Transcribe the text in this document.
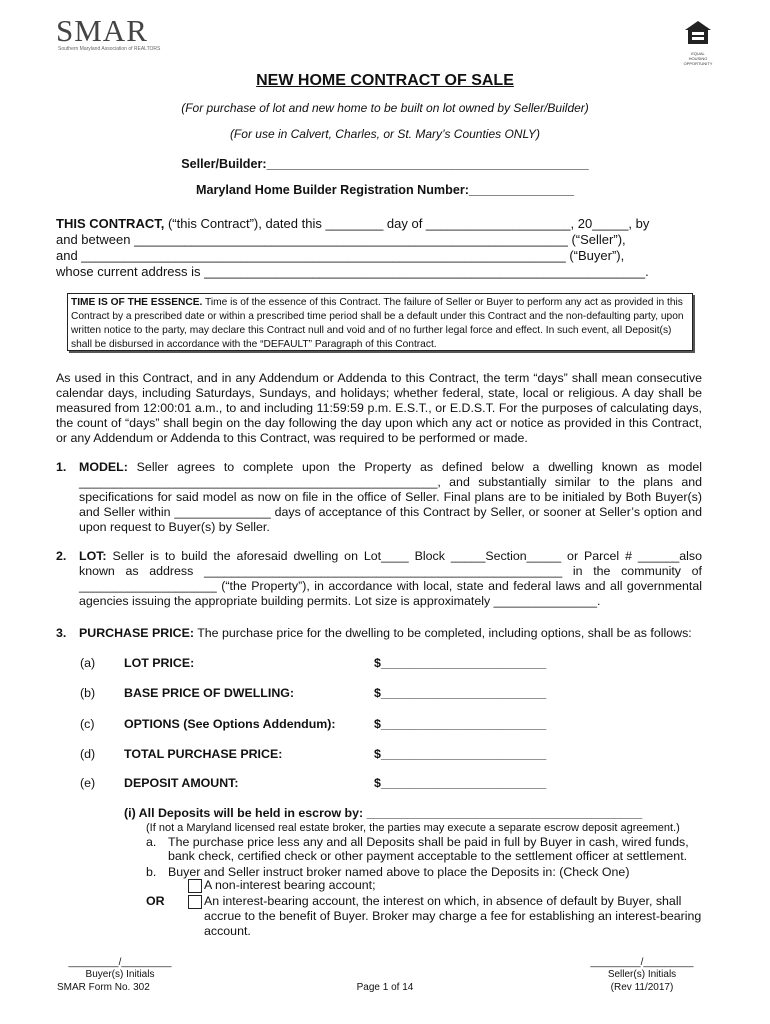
SMAR
Southern Maryland Association of REALTORS
EQUAL HOUSING OPPORTUNITY
NEW HOME CONTRACT OF SALE
(For purchase of lot and new home to be built on lot owned by Seller/Builder)
(For use in Calvert, Charles, or St. Mary’s Counties ONLY)
Seller/Builder:______________________________________________
Maryland Home Builder Registration Number:_______________
THIS CONTRACT, (“this Contract”), dated this ________ day of ____________________, 20_____, by
and between ____________________________________________________________ (“Seller”),
and ___________________________________________________________________ (“Buyer”),
whose current address is _____________________________________________________________.
TIME IS OF THE ESSENCE. Time is of the essence of this Contract. The failure of Seller or Buyer to perform any act as provided in this Contract by a prescribed date or within a prescribed time period shall be a default under this Contract and the non-defaulting party, upon written notice to the party, may declare this Contract null and void and of no further legal force and effect. In such event, all Deposit(s) shall be disbursed in accordance with the “DEFAULT” Paragraph of this Contract.
As used in this Contract, and in any Addendum or Addenda to this Contract, the term “days” shall mean consecutive calendar days, including Saturdays, Sundays, and holidays; whether federal, state, local or religious. A day shall be measured from 12:00:01 a.m., to and including 11:59:59 p.m. E.S.T., or E.D.S.T. For the purposes of calculating days, the count of “days” shall begin on the day following the day upon which any act or notice as provided in this Contract, or any Addendum or Addenda to this Contract, was required to be performed or made.
1. MODEL: Seller agrees to complete upon the Property as defined below a dwelling known as model ____________________________________________________, and substantially similar to the plans and specifications for said model as now on file in the office of Seller. Final plans are to be initialed by Both Buyer(s) and Seller within ______________ days of acceptance of this Contract by Seller, or sooner at Seller’s option and upon request to Buyer(s) by Seller.
2. LOT: Seller is to build the aforesaid dwelling on Lot____ Block _____Section_____ or Parcel # ______also known as address ____________________________________________________ in the community of ____________________ (“the Property”), in accordance with local, state and federal laws and all governmental agencies issuing the appropriate building permits. Lot size is approximately _______________.
3. PURCHASE PRICE: The purchase price for the dwelling to be completed, including options, shall be as follows:
(a) LOT PRICE:	$________________________
(b) BASE PRICE OF DWELLING:	$________________________
(c) OPTIONS (See Options Addendum):	$________________________
(d) TOTAL PURCHASE PRICE:	$________________________
(e) DEPOSIT AMOUNT:	$________________________
(i) All Deposits will be held in escrow by: ________________________________________
(If not a Maryland licensed real estate broker, the parties may execute a separate escrow deposit agreement.)
a. The purchase price less any and all Deposits shall be paid in full by Buyer in cash, wired funds, bank check, certified check or other payment acceptable to the settlement officer at settlement.
b. Buyer and Seller instruct broker named above to place the Deposits in: (Check One)
A non-interest bearing account;
OR	An interest-bearing account, the interest on which, in absence of default by Buyer, shall accrue to the benefit of Buyer. Broker may charge a fee for establishing an interest-bearing account.
_________/_________
Buyer(s) Initials
_________/_________
Seller(s) Initials
SMAR Form No. 302	Page 1 of 14	(Rev 11/2017)
